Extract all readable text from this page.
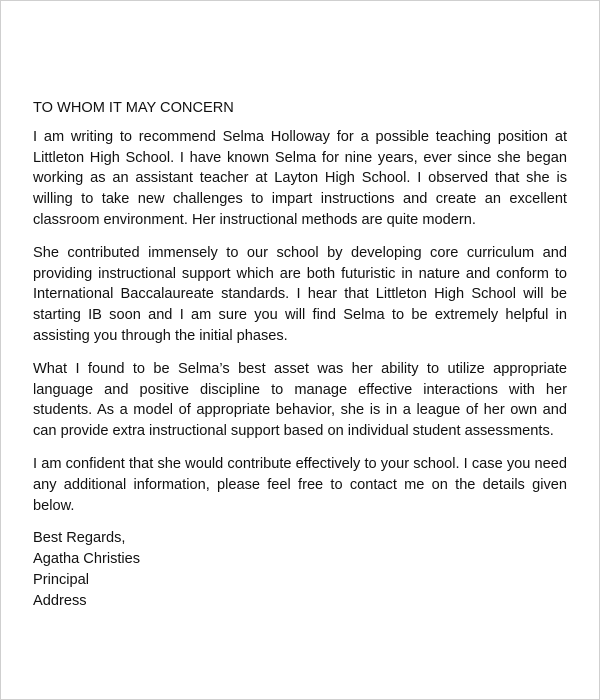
TO WHOM IT MAY CONCERN

I am writing to recommend Selma Holloway for a possible teaching position at Littleton High School. I have known Selma for nine years, ever since she began working as an assistant teacher at Layton High School. I observed that she is willing to take new challenges to impart instructions and create an excellent classroom environment. Her instructional methods are quite modern.

She contributed immensely to our school by developing core curriculum and providing instructional support which are both futuristic in nature and conform to International Baccalaureate standards. I hear that Littleton High School will be starting IB soon and I am sure you will find Selma to be extremely helpful in assisting you through the initial phases.

What I found to be Selma’s best asset was her ability to utilize appropriate language and positive discipline to manage effective interactions with her students. As a model of appropriate behavior, she is in a league of her own and can provide extra instructional support based on individual student assessments.

I am confident that she would contribute effectively to your school. I case you need any additional information, please feel free to contact me on the details given below.

Best Regards,
Agatha Christies
Principal
Address
